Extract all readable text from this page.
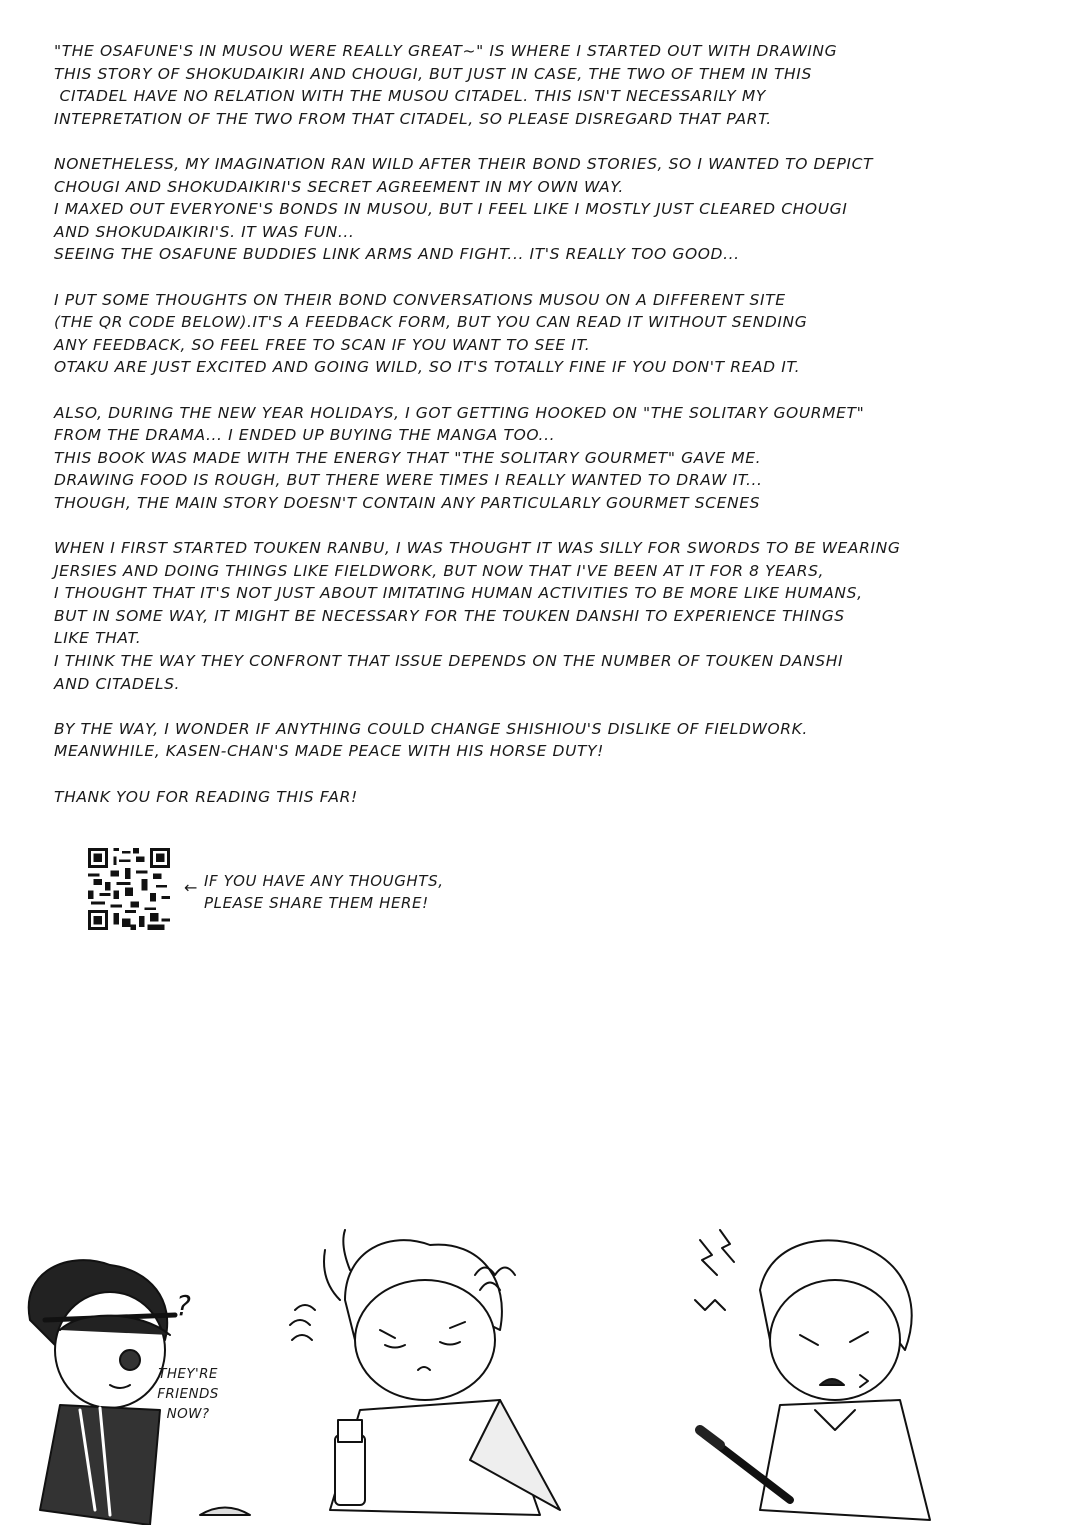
"THE OSAFUNE'S IN MUSOU WERE REALLY GREAT~" IS WHERE I STARTED OUT WITH DRAWING
THIS STORY OF SHOKUDAIKIRI AND CHOUGI, BUT JUST IN CASE, THE TWO OF THEM IN THIS
CITADEL HAVE NO RELATION WITH THE MUSOU CITADEL. THIS ISN'T NECESSARILY MY
INTEPRETATION OF THE TWO FROM THAT CITADEL, SO PLEASE DISREGARD THAT PART.
NONETHELESS, MY IMAGINATION RAN WILD AFTER THEIR BOND STORIES, SO I WANTED TO DEPICT
CHOUGI AND SHOKUDAIKIRI'S SECRET AGREEMENT IN MY OWN WAY.
I MAXED OUT EVERYONE'S BONDS IN MUSOU, BUT I FEEL LIKE I MOSTLY JUST CLEARED CHOUGI
AND SHOKUDAIKIRI'S. IT WAS FUN...
SEEING THE OSAFUNE BUDDIES LINK ARMS AND FIGHT... IT'S REALLY TOO GOOD...
I PUT SOME THOUGHTS ON THEIR BOND CONVERSATIONS MUSOU ON A DIFFERENT SITE
(THE QR CODE BELOW).IT'S A FEEDBACK FORM, BUT YOU CAN READ IT WITHOUT SENDING
ANY FEEDBACK, SO FEEL FREE TO SCAN IF YOU WANT TO SEE IT.
OTAKU ARE JUST EXCITED AND GOING WILD, SO IT'S TOTALLY FINE IF YOU DON'T READ IT.
ALSO, DURING THE NEW YEAR HOLIDAYS, I GOT GETTING HOOKED ON "THE SOLITARY GOURMET"
FROM THE DRAMA... I ENDED UP BUYING THE MANGA TOO...
THIS BOOK WAS MADE WITH THE ENERGY THAT "THE SOLITARY GOURMET" GAVE ME.
DRAWING FOOD IS ROUGH, BUT THERE WERE TIMES I REALLY WANTED TO DRAW IT...
THOUGH, THE MAIN STORY DOESN'T CONTAIN ANY PARTICULARLY GOURMET SCENES
WHEN I FIRST STARTED TOUKEN RANBU, I WAS THOUGHT IT WAS SILLY FOR SWORDS TO BE WEARING
JERSIES AND DOING THINGS LIKE FIELDWORK, BUT NOW THAT I'VE BEEN AT IT FOR 8 YEARS,
I THOUGHT THAT IT'S NOT JUST ABOUT IMITATING HUMAN ACTIVITIES TO BE MORE LIKE HUMANS,
BUT IN SOME WAY, IT MIGHT BE NECESSARY FOR THE TOUKEN DANSHI TO EXPERIENCE THINGS
LIKE THAT.
I THINK THE WAY THEY CONFRONT THAT ISSUE DEPENDS ON THE NUMBER OF TOUKEN DANSHI
AND CITADELS.
BY THE WAY, I WONDER IF ANYTHING COULD CHANGE SHISHIOU'S DISLIKE OF FIELDWORK.
MEANWHILE, KASEN-CHAN'S MADE PEACE WITH HIS HORSE DUTY!
THANK YOU FOR READING THIS FAR!
← IF YOU HAVE ANY THOUGHTS,
PLEASE SHARE THEM HERE!
?
THEY'RE
FRIENDS
NOW?
